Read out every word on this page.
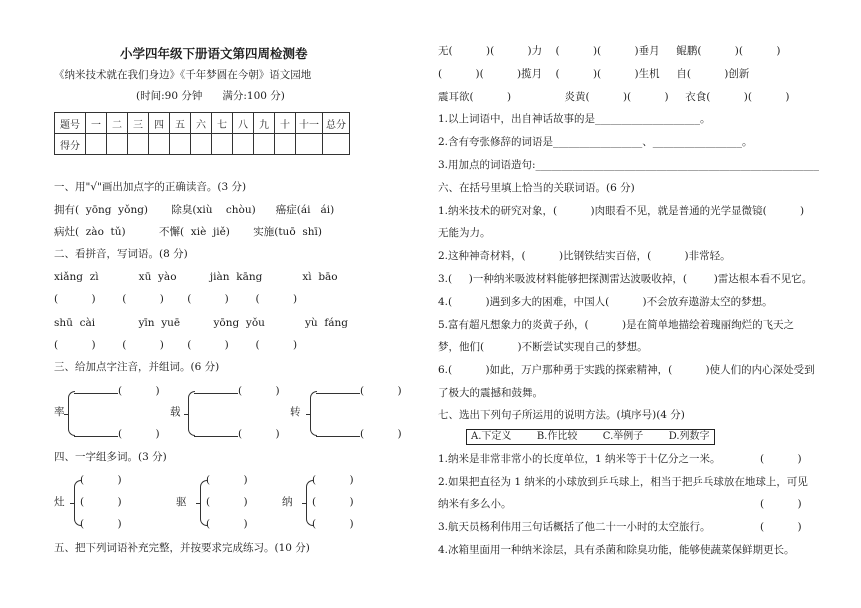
小学四年级下册语文第四周检测卷
《纳米技术就在我们身边》《千年梦圆在今朝》语文园地
(时间:90 分钟      满分:100 分)
题号	一	二	三	四	五	六	七	八	九	十	十一	总分
得分												
一、用"√"画出加点字的正确读音。(3 分)
拥有(  yōng  yǒng)       除臭(xiù    chòu)      癌症(ái   ái)
病灶(  zào  tǔ)          不懈(  xiè  jiě)       实施(tuō  shī)
二、看拼音，写词语。(8 分)
xiǎng  zì            xū  yào          jiàn  kāng            xì  bāo
(          )        (          )       (          )        (          )
shū  cài             yīn  yuē          yōng  yǒu            yù  fáng
(          )        (          )       (          )        (          )
三、给加点字注音，并组词。(6 分)
(          )
率
(          )
(          )
载
(          )
(          )
转
(          )
四、一字组多词。(3 分)
(          )
灶 (          )
(          )
(          )
驱 (          )
(          )
(          )
纳 (          )
(          )
五、把下列词语补充完整，并按要求完成练习。(10 分)
无(          )(          )力    (          )(          )垂月     鲲鹏(          )(          )
(          )(          )揽月    (          )(          )生机     自(          )创新
震耳欲(          )                炎黄(          )(          )     衣食(          )(          )
1.以上词语中，出自神话故事的是____________________。
2.含有夸张修辞的词语是_________________、_________________。
3.用加点的词语造句:______________________________________________________
六、在括号里填上恰当的关联词语。(6 分)
1.纳米技术的研究对象，(          )肉眼看不见，就是普通的光学显微镜(          )
无能为力。
2.这种神奇材料，(          )比钢铁结实百倍，(          )非常轻。
3.(     )一种纳米吸波材料能够把探测雷达波吸收掉，(        )雷达根本看不见它。
4.(          )遇到多大的困难，中国人(          )不会放弃遨游太空的梦想。
5.富有超凡想象力的炎黄子孙，(          )是在简单地描绘着瑰丽绚烂的飞天之
梦，他们(          )不断尝试实现自己的梦想。
6.(          )如此，万户那种勇于实践的探索精神，(          )使人们的内心深处受到
了极大的震撼和鼓舞。
七、选出下列句子所运用的说明方法。(填序号)(4 分)
A.下定义        B.作比较        C.举例子        D.列数字
1.纳米是非常非常小的长度单位，1 纳米等于十亿分之一米。	(          )
2.如果把直径为 1 纳米的小球放到乒乓球上，相当于把乒乓球放在地球上，可见
纳米有多么小。	(          )
3.航天员杨利伟用三句话概括了他二十一小时的太空旅行。	(          )
4.冰箱里面用一种纳米涂层，具有杀菌和除臭功能，能够使蔬菜保鲜期更长。
